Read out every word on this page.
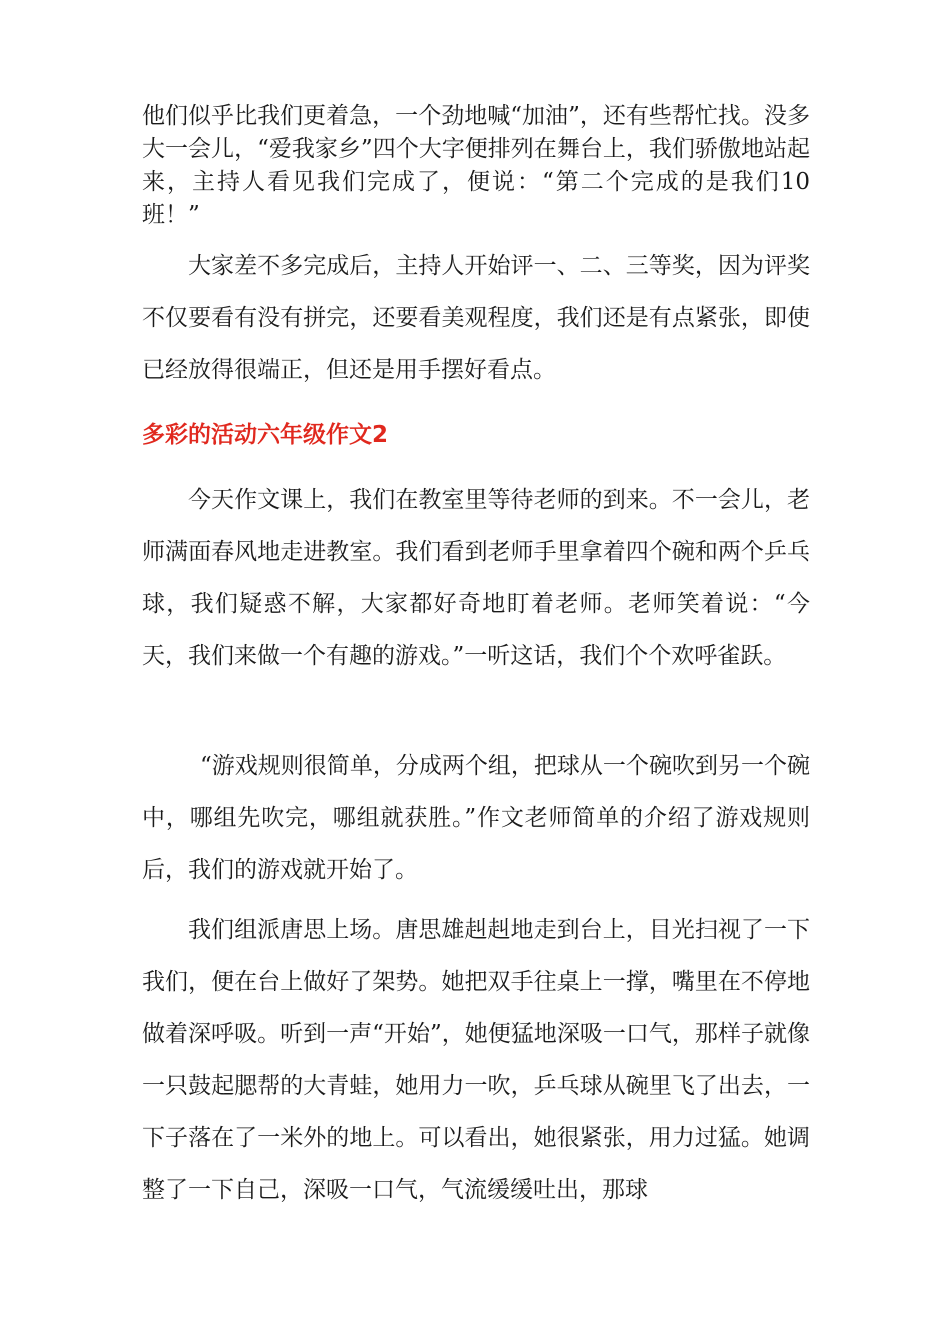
他们似乎比我们更着急，一个劲地喊“加油”，还有些帮忙找。没多大一会儿，“爱我家乡”四个大字便排列在舞台上，我们骄傲地站起来，主持人看见我们完成了，便说：“第二个完成的是我们10班！”

大家差不多完成后，主持人开始评一、二、三等奖，因为评奖不仅要看有没有拼完，还要看美观程度，我们还是有点紧张，即使已经放得很端正，但还是用手摆好看点。

多彩的活动六年级作文2

今天作文课上，我们在教室里等待老师的到来。不一会儿，老师满面春风地走进教室。我们看到老师手里拿着四个碗和两个乒乓球，我们疑惑不解，大家都好奇地盯着老师。老师笑着说：“今天，我们来做一个有趣的游戏。”一听这话，我们个个欢呼雀跃。

“游戏规则很简单，分成两个组，把球从一个碗吹到另一个碗中，哪组先吹完，哪组就获胜。”作文老师简单的介绍了游戏规则后，我们的游戏就开始了。

我们组派唐思上场。唐思雄赳赳地走到台上，目光扫视了一下我们，便在台上做好了架势。她把双手往桌上一撑，嘴里在不停地做着深呼吸。听到一声“开始”，她便猛地深吸一口气，那样子就像一只鼓起腮帮的大青蛙，她用力一吹，乒乓球从碗里飞了出去，一下子落在了一米外的地上。可以看出，她很紧张，用力过猛。她调整了一下自己，深吸一口气，气流缓缓吐出，那球
